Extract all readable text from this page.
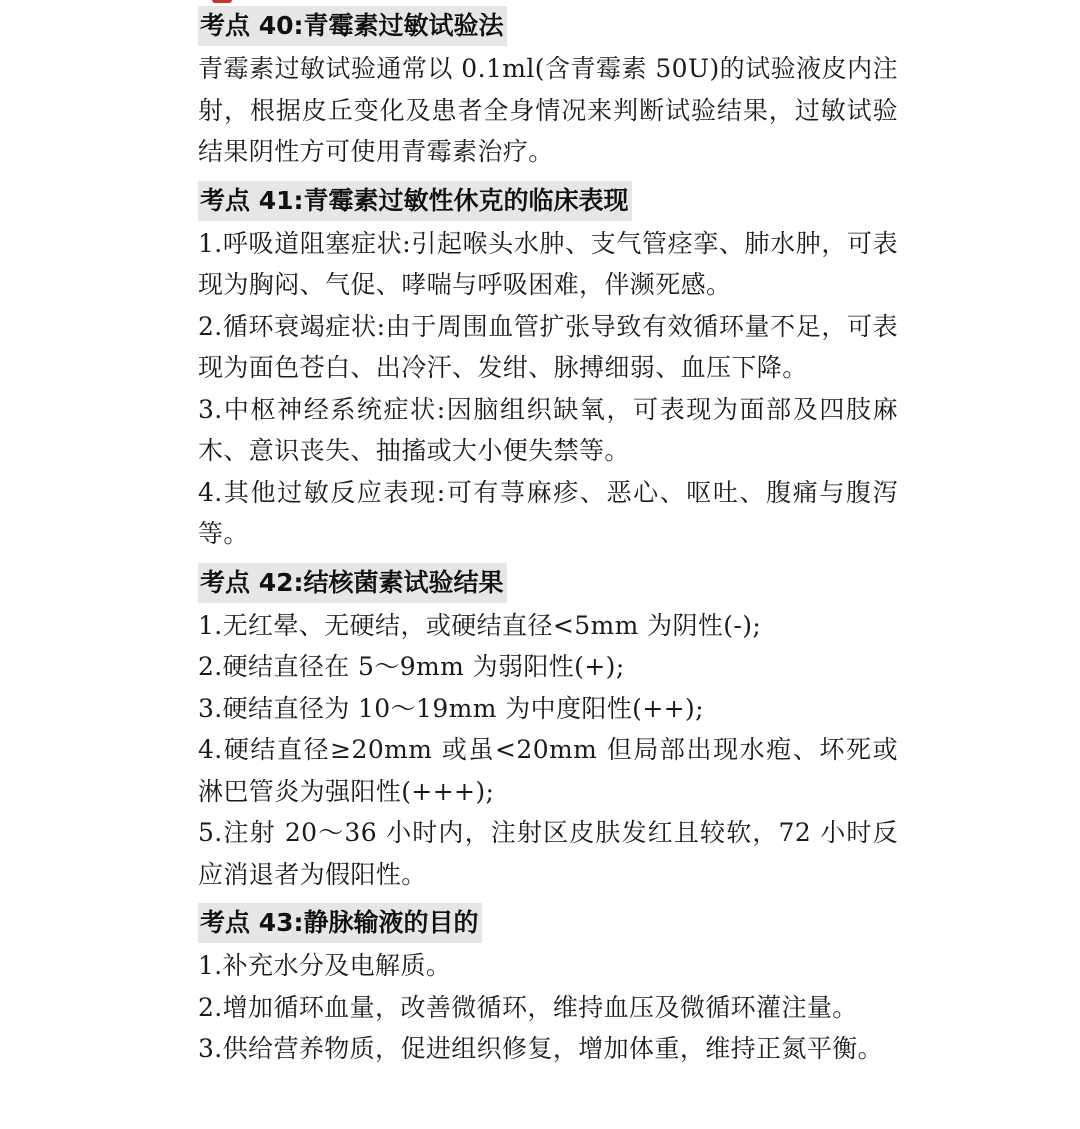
考点 40:青霉素过敏试验法

青霉素过敏试验通常以 0.1ml(含青霉素 50U)的试验液皮内注射，根据皮丘变化及患者全身情况来判断试验结果，过敏试验结果阴性方可使用青霉素治疗。

考点 41:青霉素过敏性休克的临床表现

1.呼吸道阻塞症状:引起喉头水肿、支气管痉挛、肺水肿，可表现为胸闷、气促、哮喘与呼吸困难，伴濒死感。

2.循环衰竭症状:由于周围血管扩张导致有效循环量不足，可表现为面色苍白、出冷汗、发绀、脉搏细弱、血压下降。

3.中枢神经系统症状:因脑组织缺氧，可表现为面部及四肢麻木、意识丧失、抽搐或大小便失禁等。

4.其他过敏反应表现:可有荨麻疹、恶心、呕吐、腹痛与腹泻等。

考点 42:结核菌素试验结果

1.无红晕、无硬结，或硬结直径<5mm 为阴性(-);

2.硬结直径在 5～9mm 为弱阳性(+);

3.硬结直径为 10～19mm 为中度阳性(++);

4.硬结直径≥20mm 或虽<20mm 但局部出现水疱、坏死或淋巴管炎为强阳性(+++);

5.注射 20～36 小时内，注射区皮肤发红且较软，72 小时反应消退者为假阳性。

考点 43:静脉输液的目的

1.补充水分及电解质。

2.增加循环血量，改善微循环，维持血压及微循环灌注量。

3.供给营养物质，促进组织修复，增加体重，维持正氮平衡。
